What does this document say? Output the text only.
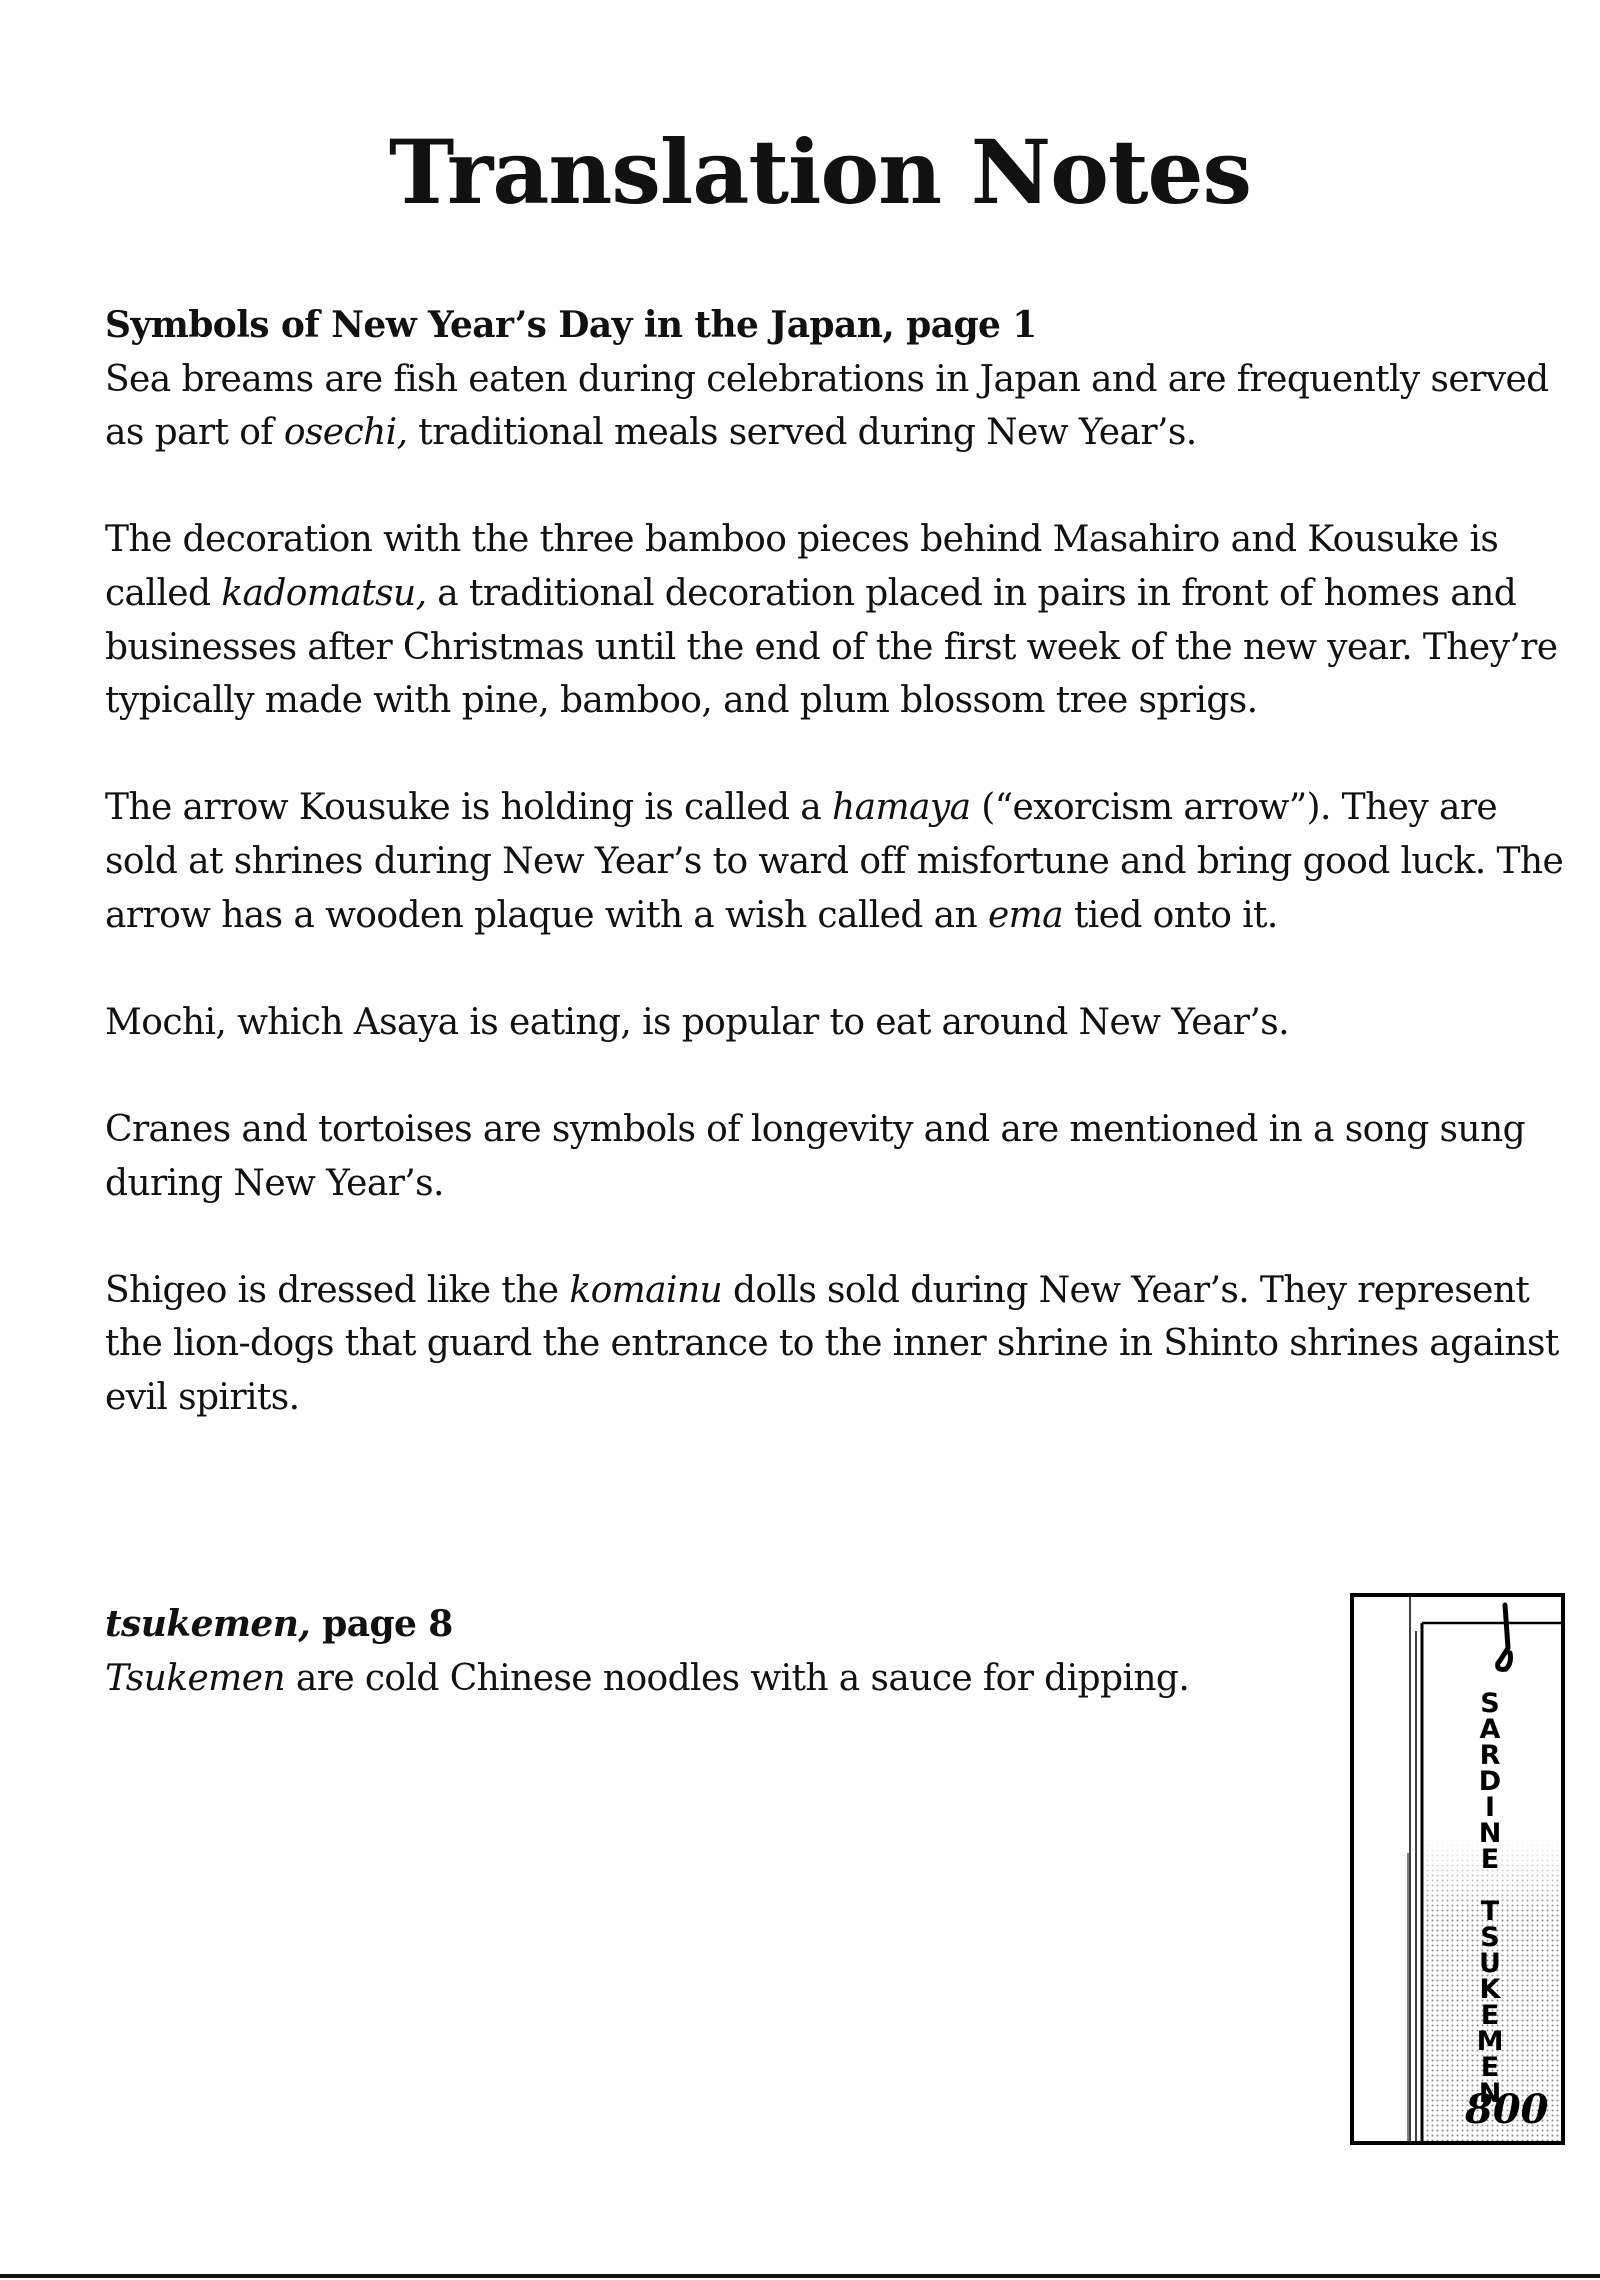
Translation Notes
Symbols of New Year’s Day in the Japan, page 1

Sea breams are fish eaten during celebrations in Japan and are frequently served as part of osechi, traditional meals served during New Year’s.

The decoration with the three bamboo pieces behind Masahiro and Kousuke is called kadomatsu, a traditional decoration placed in pairs in front of homes and businesses after Christmas until the end of the first week of the new year. They’re typically made with pine, bamboo, and plum blossom tree sprigs.

The arrow Kousuke is holding is called a hamaya (“exorcism arrow”). They are sold at shrines during New Year’s to ward off misfortune and bring good luck. The arrow has a wooden plaque with a wish called an ema tied onto it.

Mochi, which Asaya is eating, is popular to eat around New Year’s.

Cranes and tortoises are symbols of longevity and are mentioned in a song sung during New Year’s.

Shigeo is dressed like the komainu dolls sold during New Year’s. They represent the lion-dogs that guard the entrance to the inner shrine in Shinto shrines against evil spirits.

tsukemen, page 8

Tsukemen are cold Chinese noodles with a sauce for dipping.

SARDINE TSUKEMEN
800
